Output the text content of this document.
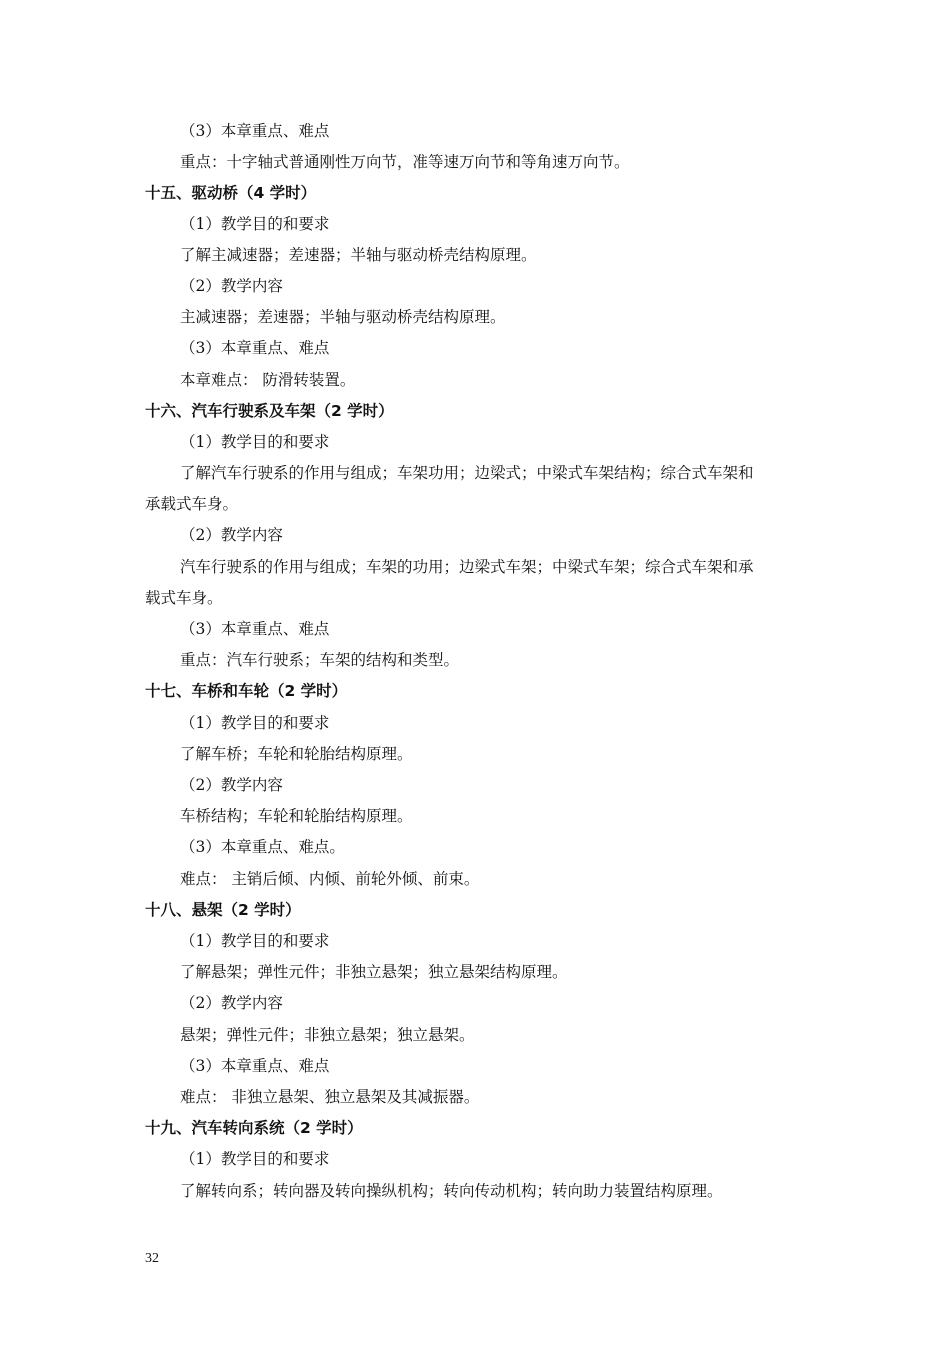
（3）本章重点、难点
重点：十字轴式普通刚性万向节，准等速万向节和等角速万向节。
十五、驱动桥（4 学时）
（1）教学目的和要求
了解主减速器；差速器；半轴与驱动桥壳结构原理。
（2）教学内容
主减速器；差速器；半轴与驱动桥壳结构原理。
（3）本章重点、难点
本章难点： 防滑转装置。
十六、汽车行驶系及车架（2 学时）
（1）教学目的和要求
了解汽车行驶系的作用与组成；车架功用；边梁式；中梁式车架结构；综合式车架和
承载式车身。
（2）教学内容
汽车行驶系的作用与组成；车架的功用；边梁式车架；中梁式车架；综合式车架和承
载式车身。
（3）本章重点、难点
重点：汽车行驶系；车架的结构和类型。
十七、车桥和车轮（2 学时）
（1）教学目的和要求
了解车桥；车轮和轮胎结构原理。
（2）教学内容
车桥结构；车轮和轮胎结构原理。
（3）本章重点、难点。
难点： 主销后倾、内倾、前轮外倾、前束。
十八、悬架（2 学时）
（1）教学目的和要求
了解悬架；弹性元件；非独立悬架；独立悬架结构原理。
（2）教学内容
悬架；弹性元件；非独立悬架；独立悬架。
（3）本章重点、难点
难点： 非独立悬架、独立悬架及其减振器。
十九、汽车转向系统（2 学时）
（1）教学目的和要求
了解转向系；转向器及转向操纵机构；转向传动机构；转向助力装置结构原理。
32
